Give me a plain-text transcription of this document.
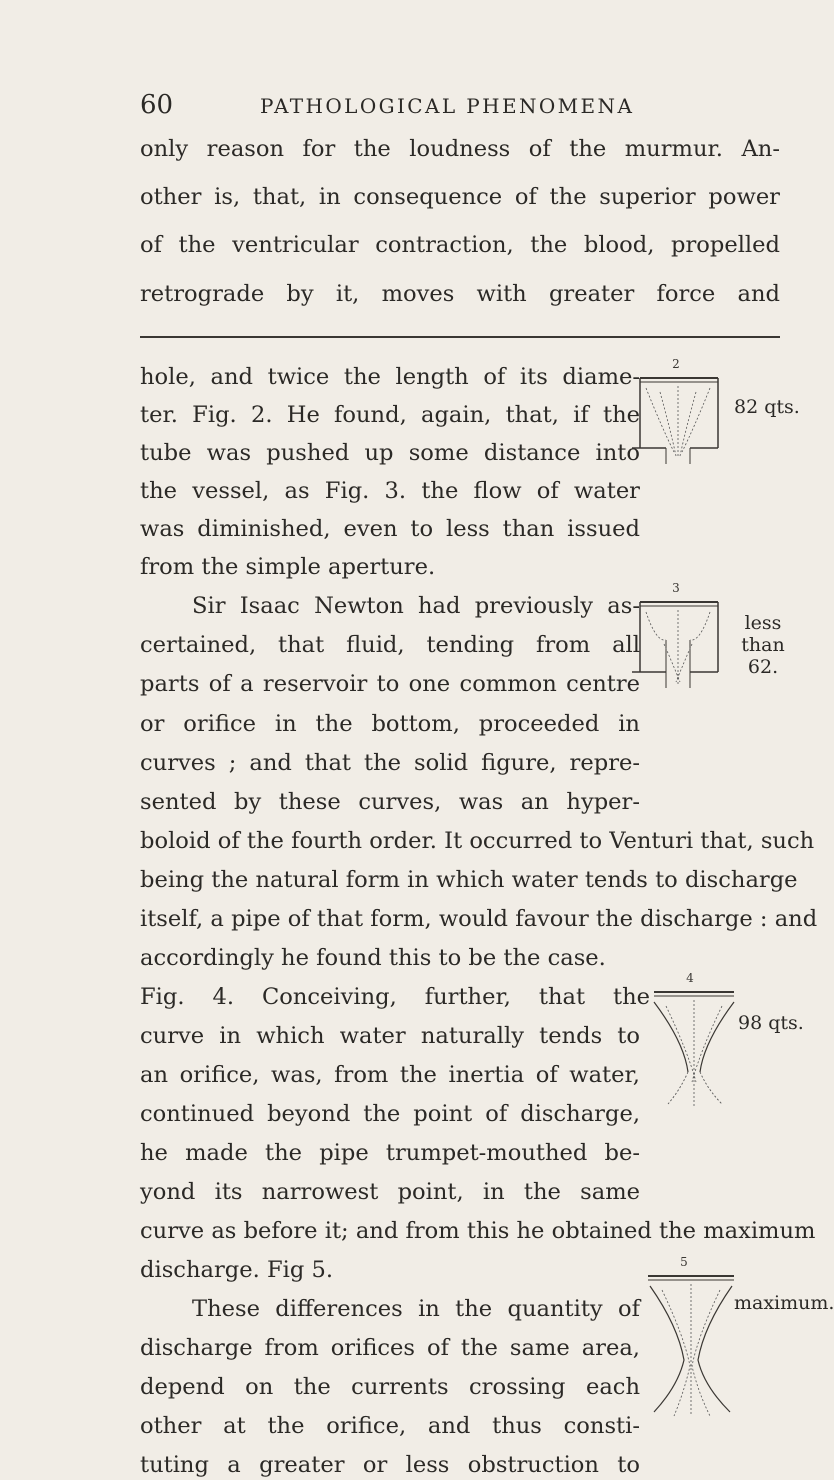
60	PATHOLOGICAL PHENOMENA
only reason for the loudness of the murmur. An-
other is, that, in consequence of the superior power
of the ventricular contraction, the blood, propelled
retrograde by it, moves with greater force and
hole, and twice the length of its diame-
ter. Fig. 2. He found, again, that, if the
tube was pushed up some distance into
the vessel, as Fig. 3. the flow of water
was diminished, even to less than issued
from the simple aperture.
Sir Isaac Newton had previously as-
certained, that fluid, tending from all
parts of a reservoir to one common centre
or orifice in the bottom, proceeded in
curves ; and that the solid figure, repre-
sented by these curves, was an hyper-
boloid of the fourth order. It occurred to Venturi that, such
being the natural form in which water tends to discharge
itself, a pipe of that form, would favour the discharge : and
accordingly he found this to be the case.
Fig. 4. Conceiving, further, that the
curve in which water naturally tends to
an orifice, was, from the inertia of water,
continued beyond the point of discharge,
he made the pipe trumpet-mouthed be-
yond its narrowest point, in the same
curve as before it; and from this he obtained the maximum
discharge. Fig 5.
These differences in the quantity of
discharge from orifices of the same area,
depend on the currents crossing each
other at the orifice, and thus consti-
tuting a greater or less obstruction to
2
82 qts.
3
less than 62.
4
98 qts.
5
maximum.
